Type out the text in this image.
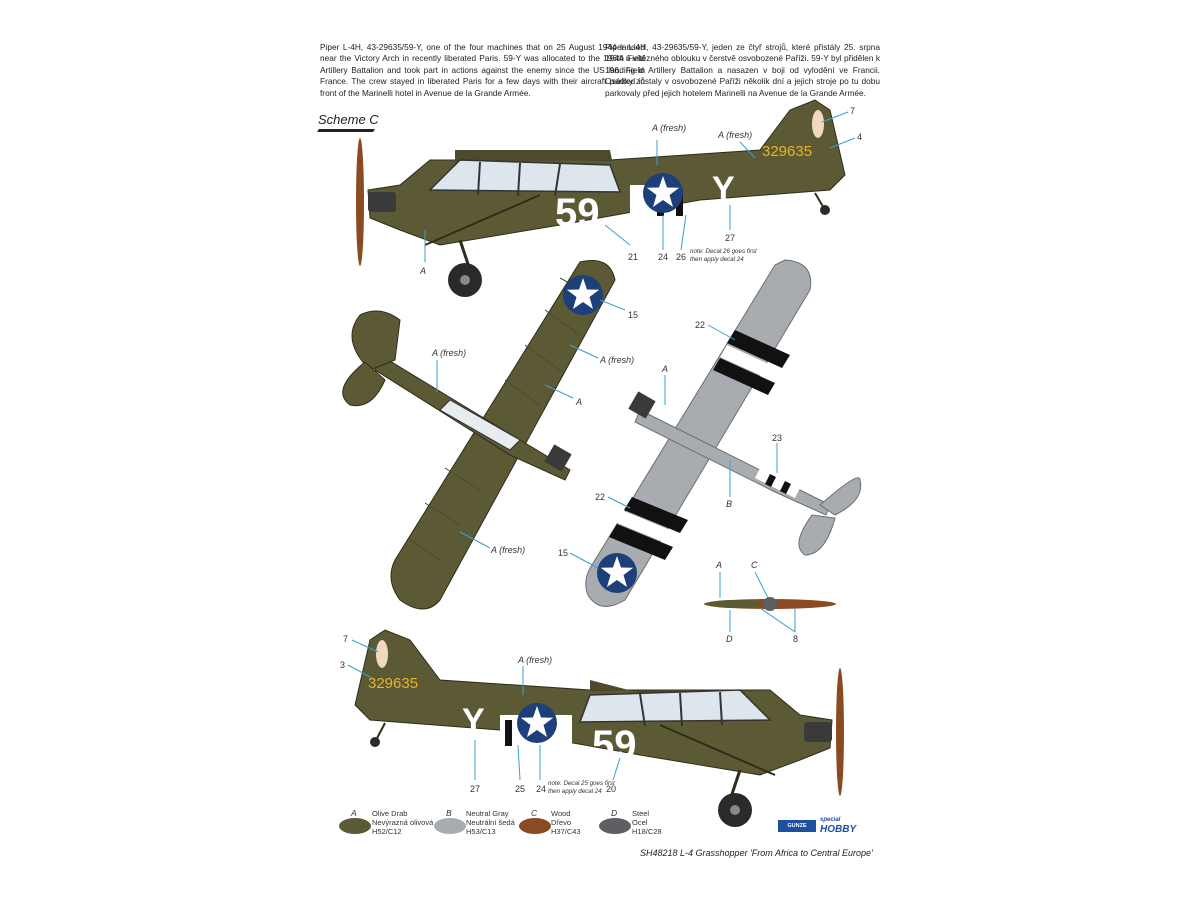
Piper L-4H, 43-29635/59-Y, one of the four machines that on 25 August 1944 landed near the Victory Arch in recently liberated Paris. 59-Y was allocated to the 196th Field Artillery Battalion and took part in actions against the enemy since the US landing in France. The crew stayed in liberated Paris for a few days with their aircraft parked in front of the Marinelli hotel in Avenue de la Grande Armée.
Piper L-4H, 43-29635/59-Y, jeden ze čtyř strojů, které přistály 25. srpna 1944 u vítězného oblouku v čerstvě osvobozené Paříži. 59-Y byl přidělen k 196. Field Artillery Battalion a nasazen v boji od vylodění ve Francii. Osádky zůstaly v osvobozené Paříži několik dní a jejich stroje po tu dobu parkovaly před jejich hotelem Marinelli na Avenue de la Grande Armée.
Scheme C
59
Y
329635
A
A (fresh)
A (fresh)
7
4
21 24 26
27
note: Decal 26 goes first
then apply decal 24
15
A (fresh)
A
A (fresh)
A (fresh)
22
A
23
B
22
15
A	C
D	8
59
Y
329635
7
3	A (fresh)
27	25 24	20
note: Decal 25 goes first
then apply decal 24
A Olive Drab
Nevýrazná olivová
H52/C12
B Neutral Gray
Neutrální šedá
H53/C13
C Wood
Dřevo
H37/C43
D Steel
Ocel
H18/C28
GUNZE SANGYO
special
HOBBY
SH48218 L-4 Grasshopper 'From Africa to Central Europe'
